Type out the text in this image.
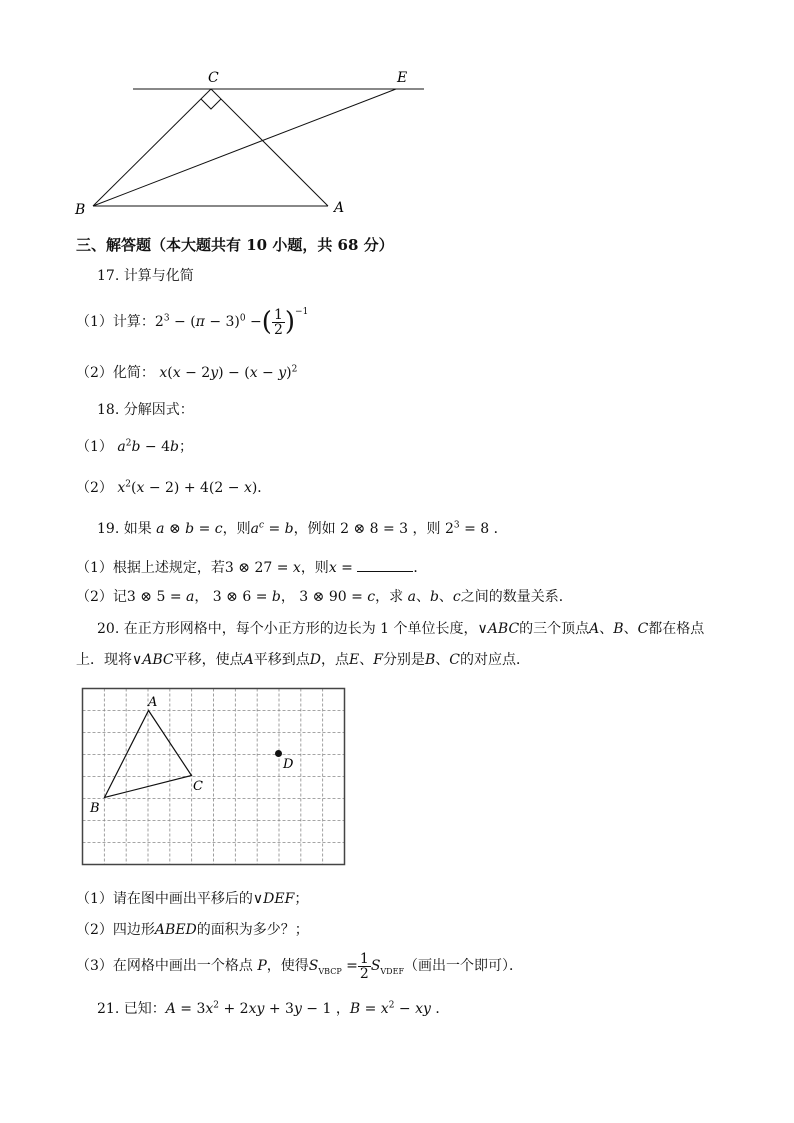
C	E
B	A
三、解答题（本大题共有 10 小题，共 68 分）
17. 计算与化简
（1）计算： $2^3 - (\pi - 3)^0$ − ( $\frac{1}{2} )^{-1}$
（2）化简： $x(x - 2y) - (x - y)^2$
18. 分解因式：
（1） $a^2b - 4b$；
（2） $x^2(x - 2) + 4(2 - x)$．
19. 如果 a ⊗ b = c，则$a^c = b$，例如 2 ⊗ 8 = 3 ，则 $2^3 = 8$ ．
（1）根据上述规定，若3 ⊗ 27 = x，则x =	．
（2）记3 ⊗ 5 = a， 3 ⊗ 6 = b， 3 ⊗ 90 = c，求 a、b、c之间的数量关系．
20. 在正方形网格中，每个小正方形的边长为 1 个单位长度，∨ABC的三个顶点A、B、C都在格点
上．现将∨ABC平移，使点A平移到点D，点E、F分别是B、C的对应点．
A
B
C
D
（1）请在图中画出平移后的∨DEF；
（2）四边形ABED的面积为多少？；
（3）在网格中画出一个格点 P ，使得 $S_{VBCP} = \frac{1}{2} S_{VDEF}$ （画出一个即可）．
21. 已知：$A = 3x^2 + 2xy + 3y - 1$ ，$B = x^2$ − xy ．
